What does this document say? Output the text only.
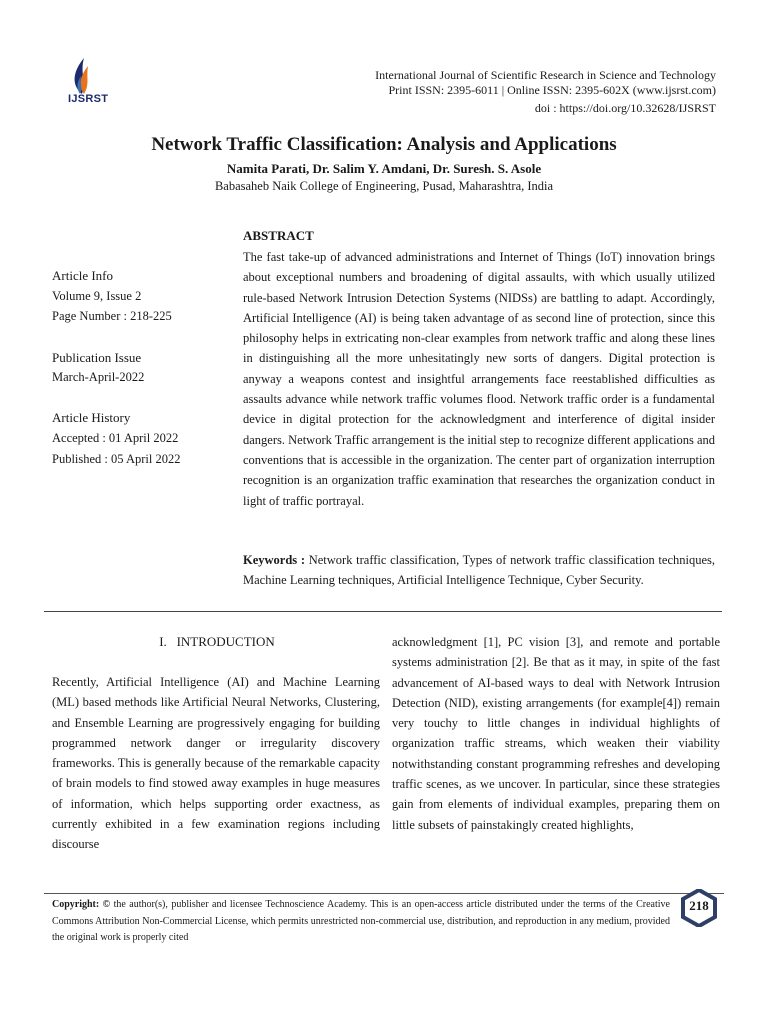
IJSRST
International Journal of Scientific Research in Science and Technology
Print ISSN: 2395-6011 | Online ISSN: 2395-602X (www.ijsrst.com)
doi : https://doi.org/10.32628/IJSRST
Network Traffic Classification: Analysis and Applications
Namita Parati, Dr. Salim Y. Amdani, Dr. Suresh. S. Asole
Babasaheb Naik College of Engineering, Pusad, Maharashtra, India
Article Info
Volume 9, Issue 2
Page Number : 218-225
Publication Issue
March-April-2022
Article History
Accepted : 01 April 2022
Published : 05 April 2022
ABSTRACT
The fast take-up of advanced administrations and Internet of Things (IoT) innovation brings about exceptional numbers and broadening of digital assaults, with which usually utilized rule-based Network Intrusion Detection Systems (NIDSs) are battling to adapt. Accordingly, Artificial Intelligence (AI) is being taken advantage of as second line of protection, since this philosophy helps in extricating non-clear examples from network traffic and along these lines in distinguishing all the more unhesitatingly new sorts of dangers. Digital protection is anyway a weapons contest and insightful arrangements face reestablished difficulties as assaults advance while network traffic volumes flood. Network traffic order is a fundamental device in digital protection for the acknowledgment and interference of digital insider dangers. Network Traffic arrangement is the initial step to recognize different applications and conventions that is accessible in the organization. The center part of organization interruption recognition is an organization traffic examination that researches the organization conduct in light of traffic portrayal.
Keywords : Network traffic classification, Types of network traffic classification techniques, Machine Learning techniques, Artificial Intelligence Technique, Cyber Security.
I. INTRODUCTION

Recently, Artificial Intelligence (AI) and Machine Learning (ML) based methods like Artificial Neural Networks, Clustering, and Ensemble Learning are progressively engaging for building programmed network danger or irregularity discovery frameworks. This is generally because of the remarkable capacity of brain models to find stowed away examples in huge measures of information, which helps supporting order exactness, as currently exhibited in a few examination regions including discourse

acknowledgment [1], PC vision [3], and remote and portable systems administration [2]. Be that as it may, in spite of the fast advancement of AI-based ways to deal with Network Intrusion Detection (NID), existing arrangements (for example[4]) remain very touchy to little changes in individual highlights of organization traffic streams, which weaken their viability notwithstanding constant programming refreshes and developing traffic scenes, as we uncover. In particular, since these strategies gain from elements of individual examples, preparing them on little subsets of painstakingly created highlights,

Copyright: © the author(s), publisher and licensee Technoscience Academy. This is an open-access article distributed under the terms of the Creative Commons Attribution Non-Commercial License, which permits unrestricted non-commercial use, distribution, and reproduction in any medium, provided the original work is properly cited
218
